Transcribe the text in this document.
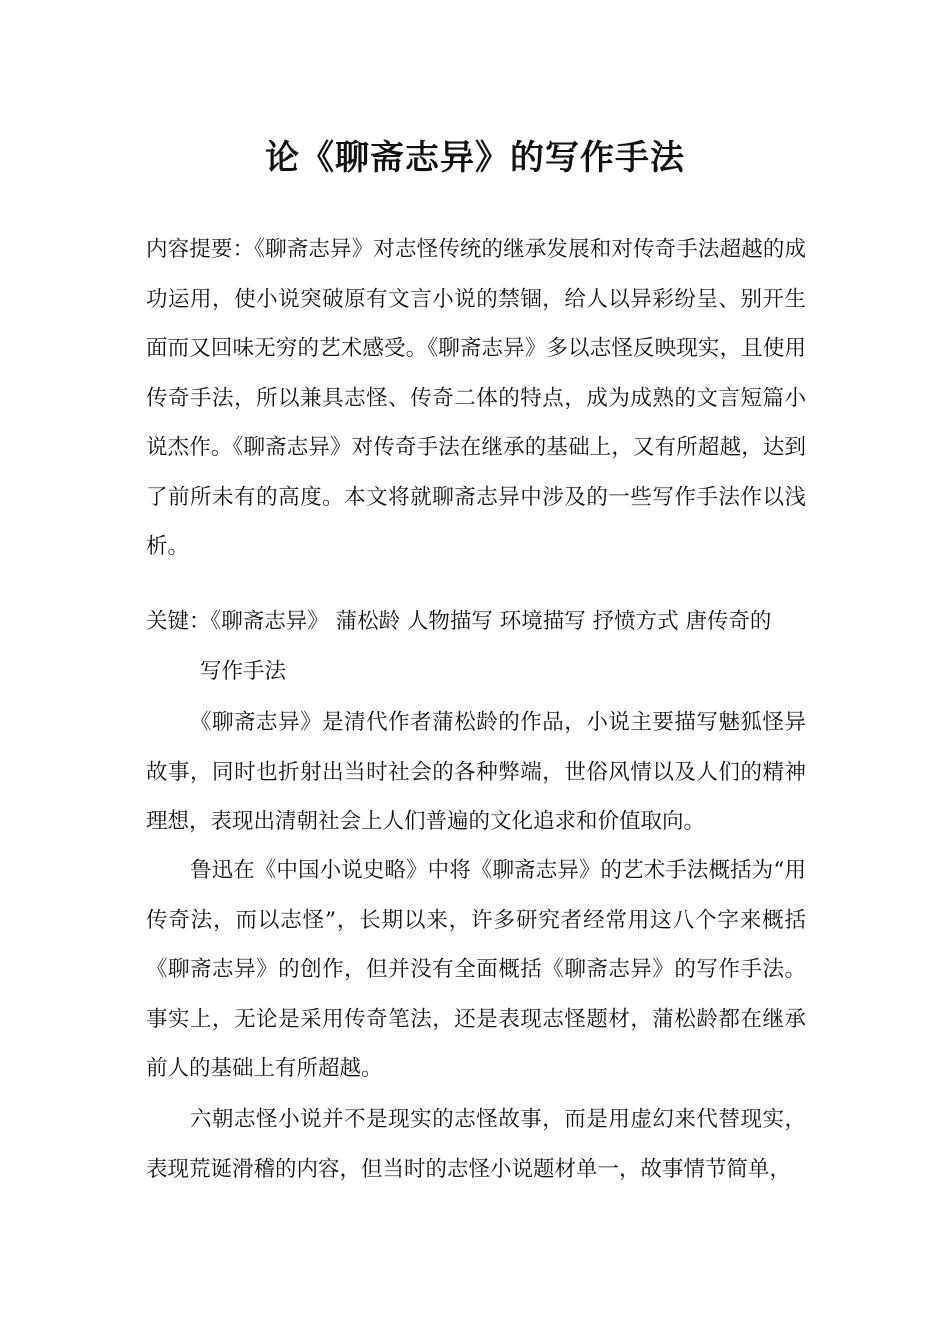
论《聊斋志异》的写作手法
内容提要：《聊斋志异》对志怪传统的继承发展和对传奇手法超越的成功运用，使小说突破原有文言小说的禁锢，给人以异彩纷呈、别开生面而又回味无穷的艺术感受。《聊斋志异》多以志怪反映现实，且使用传奇手法，所以兼具志怪、传奇二体的特点，成为成熟的文言短篇小说杰作。《聊斋志异》对传奇手法在继承的基础上，又有所超越，达到了前所未有的高度。本文将就聊斋志异中涉及的一些写作手法作以浅析。
关键：《聊斋志异》 蒲松龄 人物描写 环境描写 抒愤方式 唐传奇的
写作手法
《聊斋志异》是清代作者蒲松龄的作品，小说主要描写魅狐怪异故事，同时也折射出当时社会的各种弊端，世俗风情以及人们的精神理想，表现出清朝社会上人们普遍的文化追求和价值取向。
鲁迅在《中国小说史略》中将《聊斋志异》的艺术手法概括为“用传奇法，而以志怪”，长期以来，许多研究者经常用这八个字来概括《聊斋志异》的创作，但并没有全面概括《聊斋志异》的写作手法。事实上，无论是采用传奇笔法，还是表现志怪题材，蒲松龄都在继承前人的基础上有所超越。
六朝志怪小说并不是现实的志怪故事，而是用虚幻来代替现实，表现荒诞滑稽的内容，但当时的志怪小说题材单一，故事情节简单，
